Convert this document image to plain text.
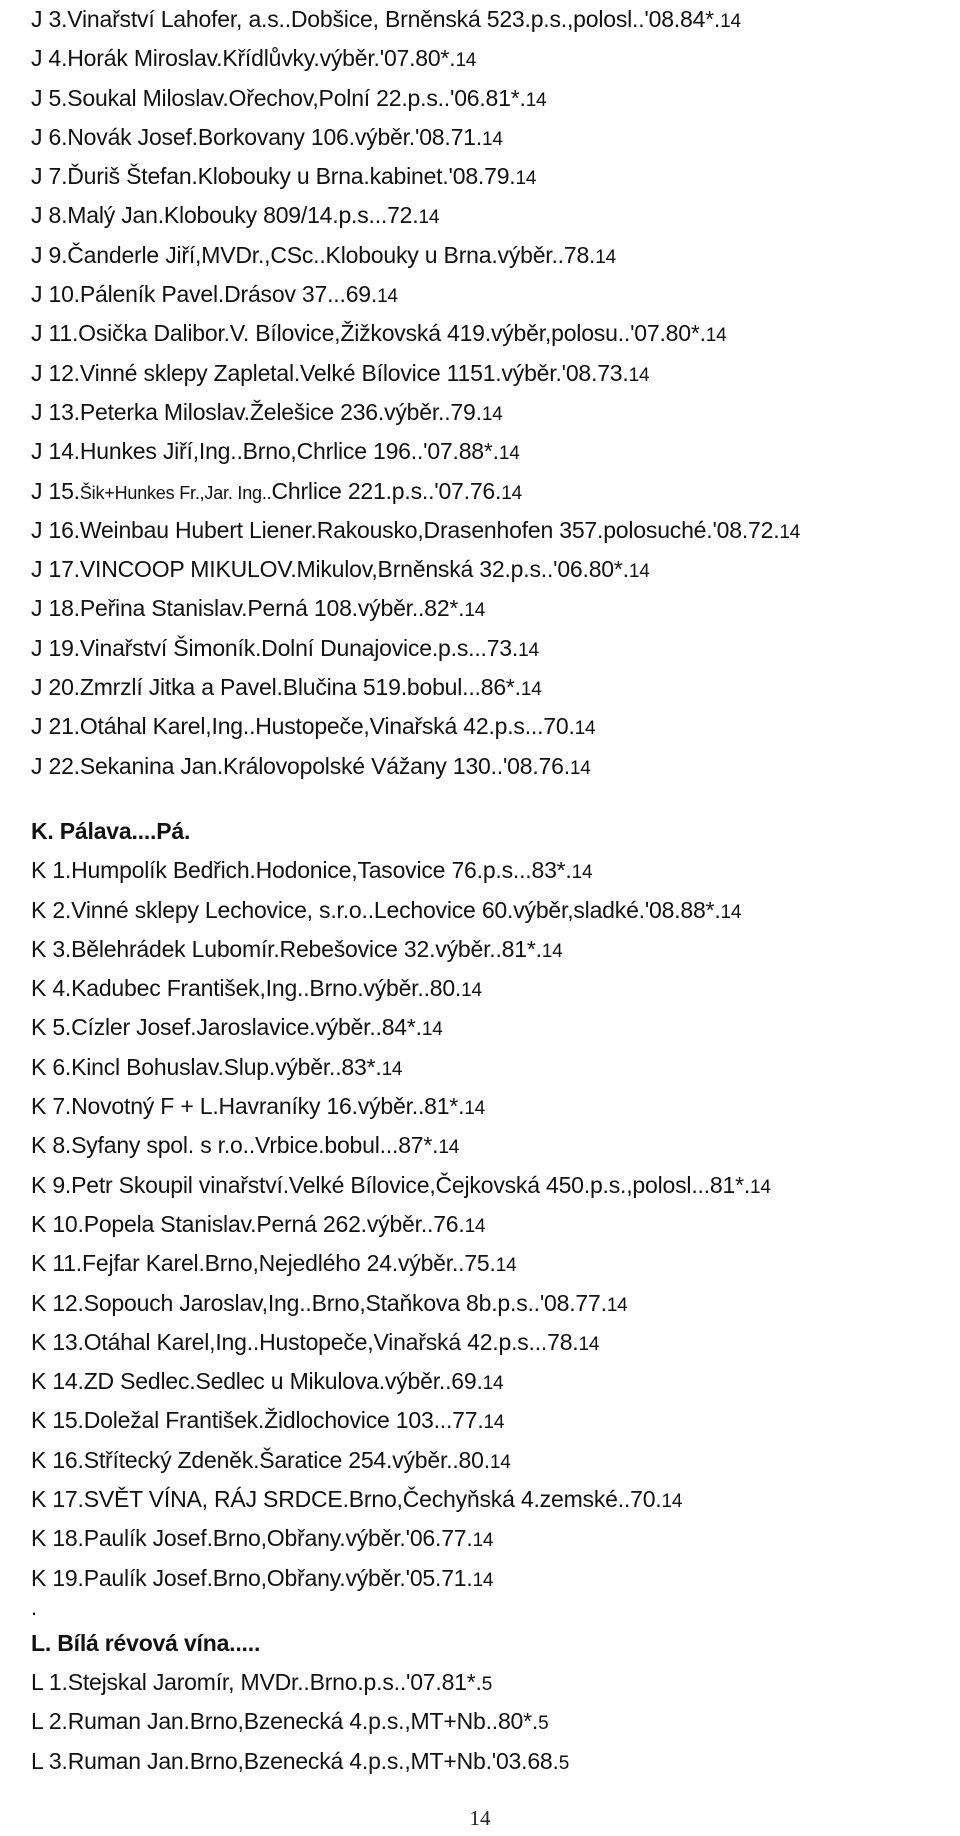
J 3.Vinařství Lahofer, a.s..Dobšice, Brněnská 523.p.s.,polosl..'08.84*.14
J 4.Horák Miroslav.Křídlůvky.výběr.'07.80*.14
J 5.Soukal Miloslav.Ořechov,Polní 22.p.s..'06.81*.14
J 6.Novák Josef.Borkovany 106.výběr.'08.71.14
J 7.Ďuriš Štefan.Klobouky u Brna.kabinet.'08.79.14
J 8.Malý Jan.Klobouky 809/14.p.s...72.14
J 9.Čanderle Jiří,MVDr.,CSc..Klobouky u Brna.výběr..78.14
J 10.Páleník Pavel.Drásov 37...69.14
J 11.Osička Dalibor.V. Bílovice,Žižkovská 419.výběr,polosu..'07.80*.14
J 12.Vinné sklepy Zapletal.Velké Bílovice 1151.výběr.'08.73.14
J 13.Peterka Miloslav.Želešice 236.výběr..79.14
J 14.Hunkes Jiří,Ing..Brno,Chrlice 196..'07.88*.14
J 15.Šik+Hunkes Fr.,Jar. Ing..Chrlice 221.p.s..'07.76.14
J 16.Weinbau Hubert Liener.Rakousko,Drasenhofen 357.polosuché.'08.72.14
J 17.VINCOOP MIKULOV.Mikulov,Brněnská 32.p.s..'06.80*.14
J 18.Peřina Stanislav.Perná 108.výběr..82*.14
J 19.Vinařství Šimoník.Dolní Dunajovice.p.s...73.14
J 20.Zmrzlí Jitka a Pavel.Blučina 519.bobul...86*.14
J 21.Otáhal Karel,Ing..Hustopeče,Vinařská 42.p.s...70.14
J 22.Sekanina Jan.Královopolské Vážany 130..'08.76.14
K. Pálava....Pá.
K 1.Humpolík Bedřich.Hodonice,Tasovice 76.p.s...83*.14
K 2.Vinné sklepy Lechovice, s.r.o..Lechovice 60.výběr,sladké.'08.88*.14
K 3.Bělehrádek Lubomír.Rebešovice 32.výběr..81*.14
K 4.Kadubec František,Ing..Brno.výběr..80.14
K 5.Cízler Josef.Jaroslavice.výběr..84*.14
K 6.Kincl Bohuslav.Slup.výběr..83*.14
K 7.Novotný F + L.Havraníky 16.výběr..81*.14
K 8.Syfany spol. s r.o..Vrbice.bobul...87*.14
K 9.Petr Skoupil vinařství.Velké Bílovice,Čejkovská 450.p.s.,polosl...81*.14
K 10.Popela Stanislav.Perná 262.výběr..76.14
K 11.Fejfar Karel.Brno,Nejedlého 24.výběr..75.14
K 12.Sopouch Jaroslav,Ing..Brno,Staňkova 8b.p.s..'08.77.14
K 13.Otáhal Karel,Ing..Hustopeče,Vinařská 42.p.s...78.14
K 14.ZD Sedlec.Sedlec u Mikulova.výběr..69.14
K 15.Doležal František.Židlochovice 103...77.14
K 16.Střítecký Zdeněk.Šaratice 254.výběr..80.14
K 17.SVĚT VÍNA, RÁJ SRDCE.Brno,Čechyňská 4.zemské..70.14
K 18.Paulík Josef.Brno,Obřany.výběr.'06.77.14
K 19.Paulík Josef.Brno,Obřany.výběr.'05.71.14
.
L. Bílá révová vína.....
L 1.Stejskal Jaromír, MVDr..Brno.p.s..'07.81*.5
L 2.Ruman Jan.Brno,Bzenecká 4.p.s.,MT+Nb..80*.5
L 3.Ruman Jan.Brno,Bzenecká 4.p.s.,MT+Nb.'03.68.5
14
